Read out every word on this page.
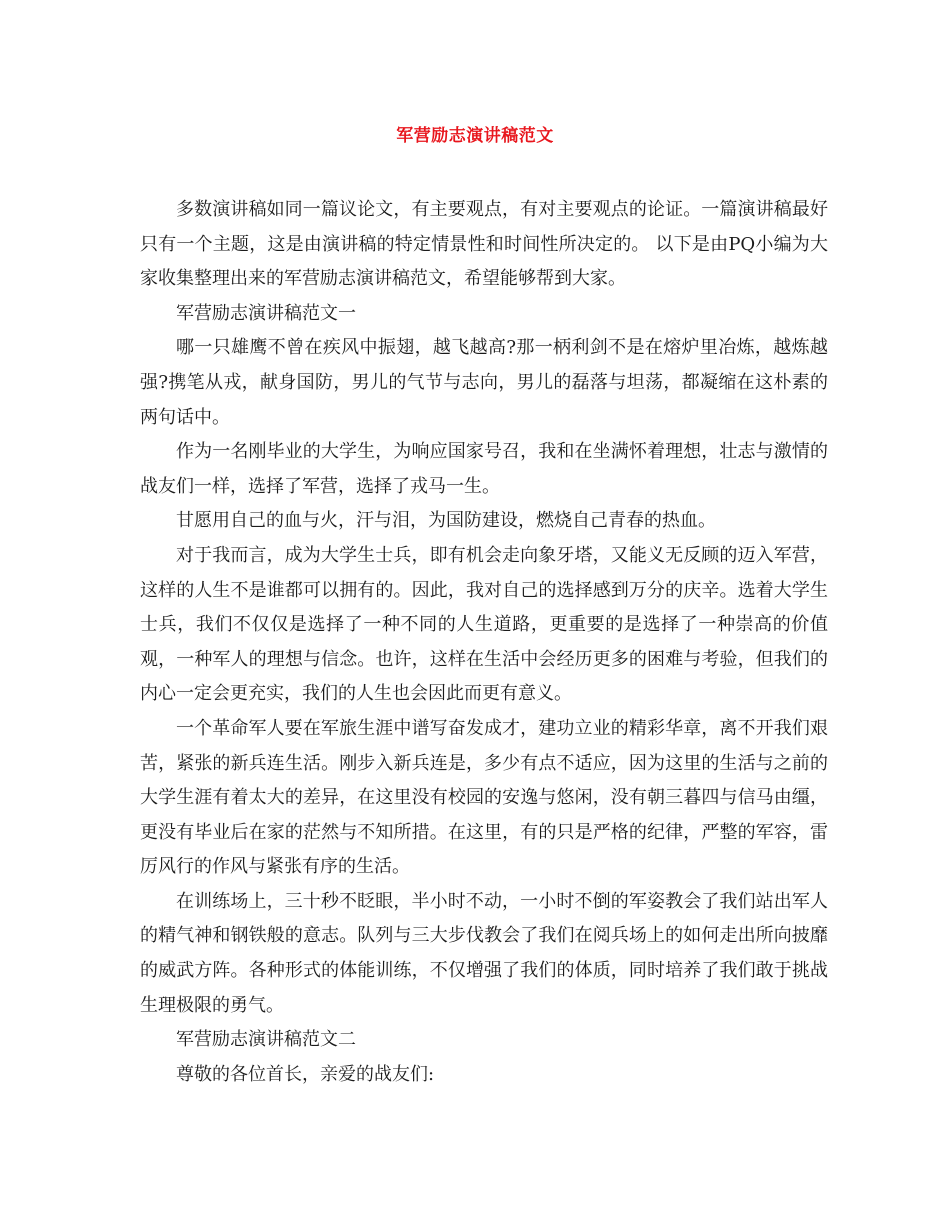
军营励志演讲稿范文

多数演讲稿如同一篇议论文，有主要观点，有对主要观点的论证。一篇演讲稿最好只有一个主题，这是由演讲稿的特定情景性和时间性所决定的。 以下是由PQ小编为大家收集整理出来的军营励志演讲稿范文，希望能够帮到大家。

军营励志演讲稿范文一

哪一只雄鹰不曾在疾风中振翅，越飞越高?那一柄利剑不是在熔炉里冶炼，越炼越强?携笔从戎，献身国防，男儿的气节与志向，男儿的磊落与坦荡，都凝缩在这朴素的两句话中。

作为一名刚毕业的大学生，为响应国家号召，我和在坐满怀着理想，壮志与激情的战友们一样，选择了军营，选择了戎马一生。

甘愿用自己的血与火，汗与泪，为国防建设，燃烧自己青春的热血。

对于我而言，成为大学生士兵，即有机会走向象牙塔，又能义无反顾的迈入军营，这样的人生不是谁都可以拥有的。因此，我对自己的选择感到万分的庆辛。选着大学生士兵，我们不仅仅是选择了一种不同的人生道路，更重要的是选择了一种崇高的价值观，一种军人的理想与信念。也许，这样在生活中会经历更多的困难与考验，但我们的内心一定会更充实，我们的人生也会因此而更有意义。

一个革命军人要在军旅生涯中谱写奋发成才，建功立业的精彩华章，离不开我们艰苦，紧张的新兵连生活。刚步入新兵连是，多少有点不适应，因为这里的生活与之前的大学生涯有着太大的差异，在这里没有校园的安逸与悠闲，没有朝三暮四与信马由缰，更没有毕业后在家的茫然与不知所措。在这里，有的只是严格的纪律，严整的军容，雷厉风行的作风与紧张有序的生活。

在训练场上，三十秒不眨眼，半小时不动，一小时不倒的军姿教会了我们站出军人的精气神和钢铁般的意志。队列与三大步伐教会了我们在阅兵场上的如何走出所向披靡的威武方阵。各种形式的体能训练，不仅增强了我们的体质，同时培养了我们敢于挑战生理极限的勇气。

军营励志演讲稿范文二

尊敬的各位首长，亲爱的战友们:
